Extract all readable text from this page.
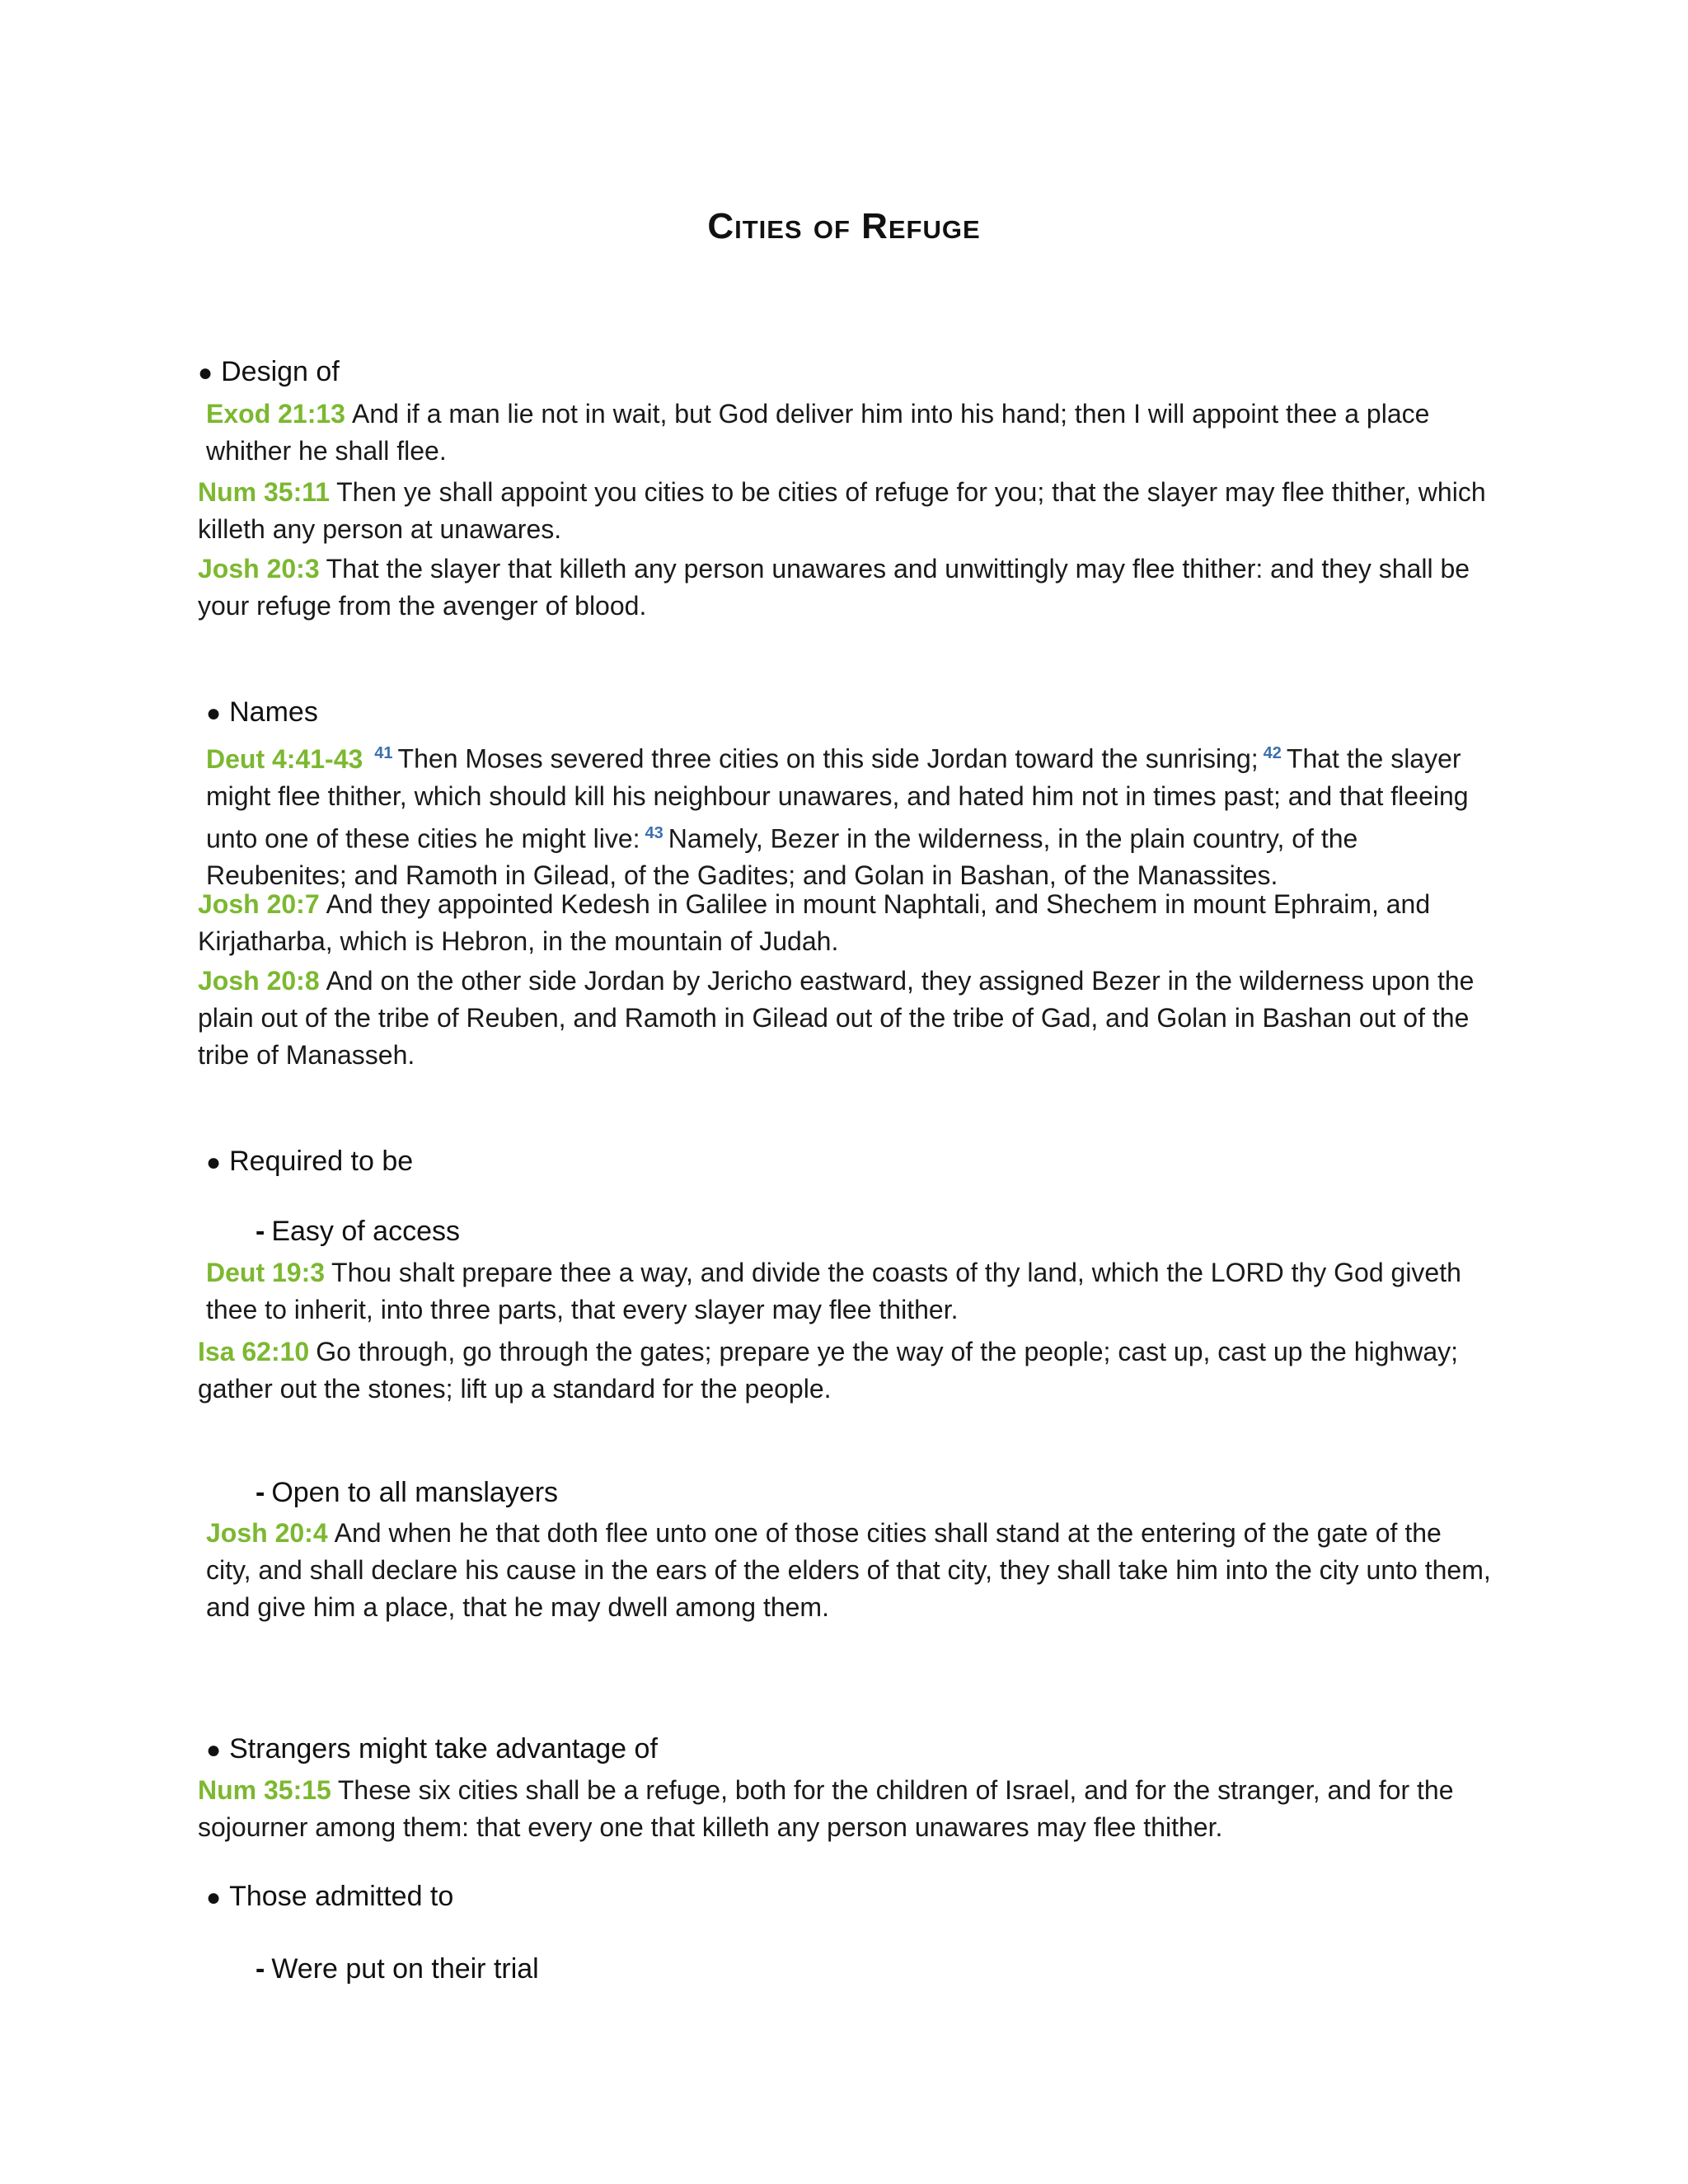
Cities of Refuge
● Design of
Exod 21:13 And if a man lie not in wait, but God deliver him into his hand; then I will appoint thee a place whither he shall flee.
Num 35:11 Then ye shall appoint you cities to be cities of refuge for you; that the slayer may flee thither, which killeth any person at unawares.
Josh 20:3 That the slayer that killeth any person unawares and unwittingly may flee thither: and they shall be your refuge from the avenger of blood.
● Names
Deut 4:41-43 $^{41}$ Then Moses severed three cities on this side Jordan toward the sunrising; $^{42}$ That the slayer might flee thither, which should kill his neighbour unawares, and hated him not in times past; and that fleeing unto one of these cities he might live: $^{43}$ Namely, Bezer in the wilderness, in the plain country, of the Reubenites; and Ramoth in Gilead, of the Gadites; and Golan in Bashan, of the Manassites.
Josh 20:7 And they appointed Kedesh in Galilee in mount Naphtali, and Shechem in mount Ephraim, and Kirjatharba, which is Hebron, in the mountain of Judah.
Josh 20:8 And on the other side Jordan by Jericho eastward, they assigned Bezer in the wilderness upon the plain out of the tribe of Reuben, and Ramoth in Gilead out of the tribe of Gad, and Golan in Bashan out of the tribe of Manasseh.
● Required to be
- Easy of access
Deut 19:3 Thou shalt prepare thee a way, and divide the coasts of thy land, which the LORD thy God giveth thee to inherit, into three parts, that every slayer may flee thither.
Isa 62:10 Go through, go through the gates; prepare ye the way of the people; cast up, cast up the highway; gather out the stones; lift up a standard for the people.
- Open to all manslayers
Josh 20:4 And when he that doth flee unto one of those cities shall stand at the entering of the gate of the city, and shall declare his cause in the ears of the elders of that city, they shall take him into the city unto them, and give him a place, that he may dwell among them.
● Strangers might take advantage of
Num 35:15 These six cities shall be a refuge, both for the children of Israel, and for the stranger, and for the sojourner among them: that every one that killeth any person unawares may flee thither.
● Those admitted to
- Were put on their trial
